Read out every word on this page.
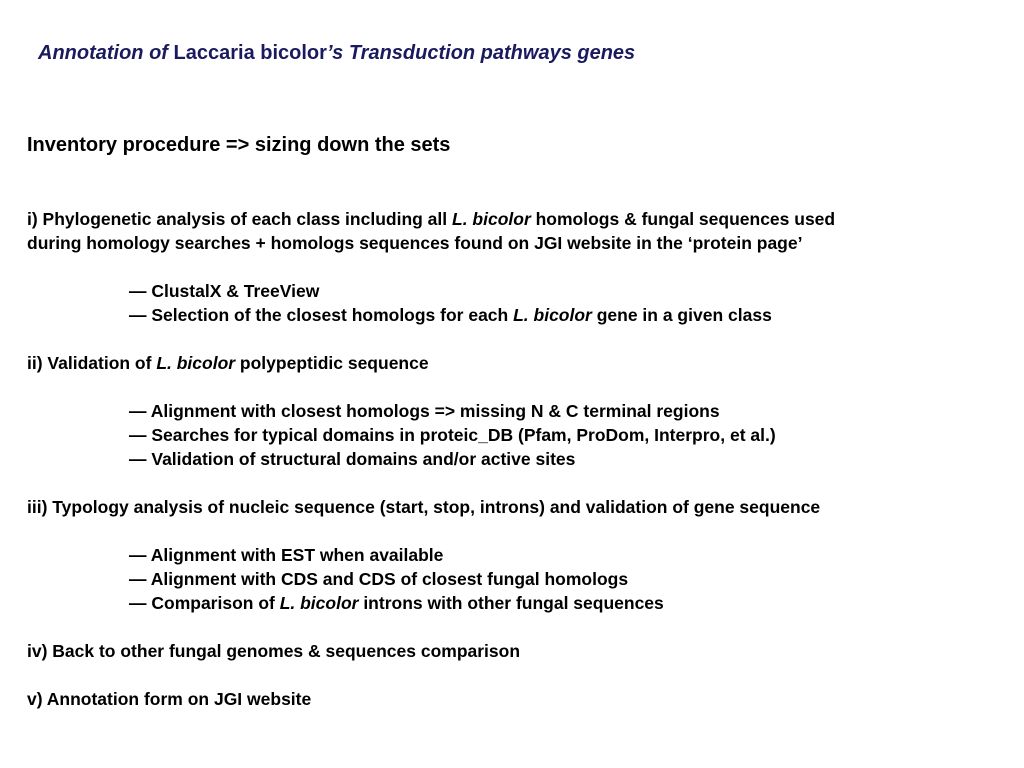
Annotation of Laccaria bicolor’s Transduction pathways genes
Inventory procedure => sizing down the sets

i) Phylogenetic analysis of each class including all L. bicolor homologs & fungal sequences used

during homology searches + homologs sequences found on JGI website in the ‘protein page’

— ClustalX & TreeView

— Selection of the closest homologs for each L. bicolor gene in a given class

ii) Validation of L. bicolor polypeptidic sequence

— Alignment with closest homologs => missing N & C terminal regions

— Searches for typical domains in proteic_DB (Pfam, ProDom, Interpro, et al.)

— Validation of structural domains and/or active sites

iii) Typology analysis of nucleic sequence (start, stop, introns) and validation of gene sequence

— Alignment with EST when available

— Alignment with CDS and CDS of closest fungal homologs

— Comparison of L. bicolor introns with other fungal sequences

iv) Back to other fungal genomes & sequences comparison

v) Annotation form on JGI website
